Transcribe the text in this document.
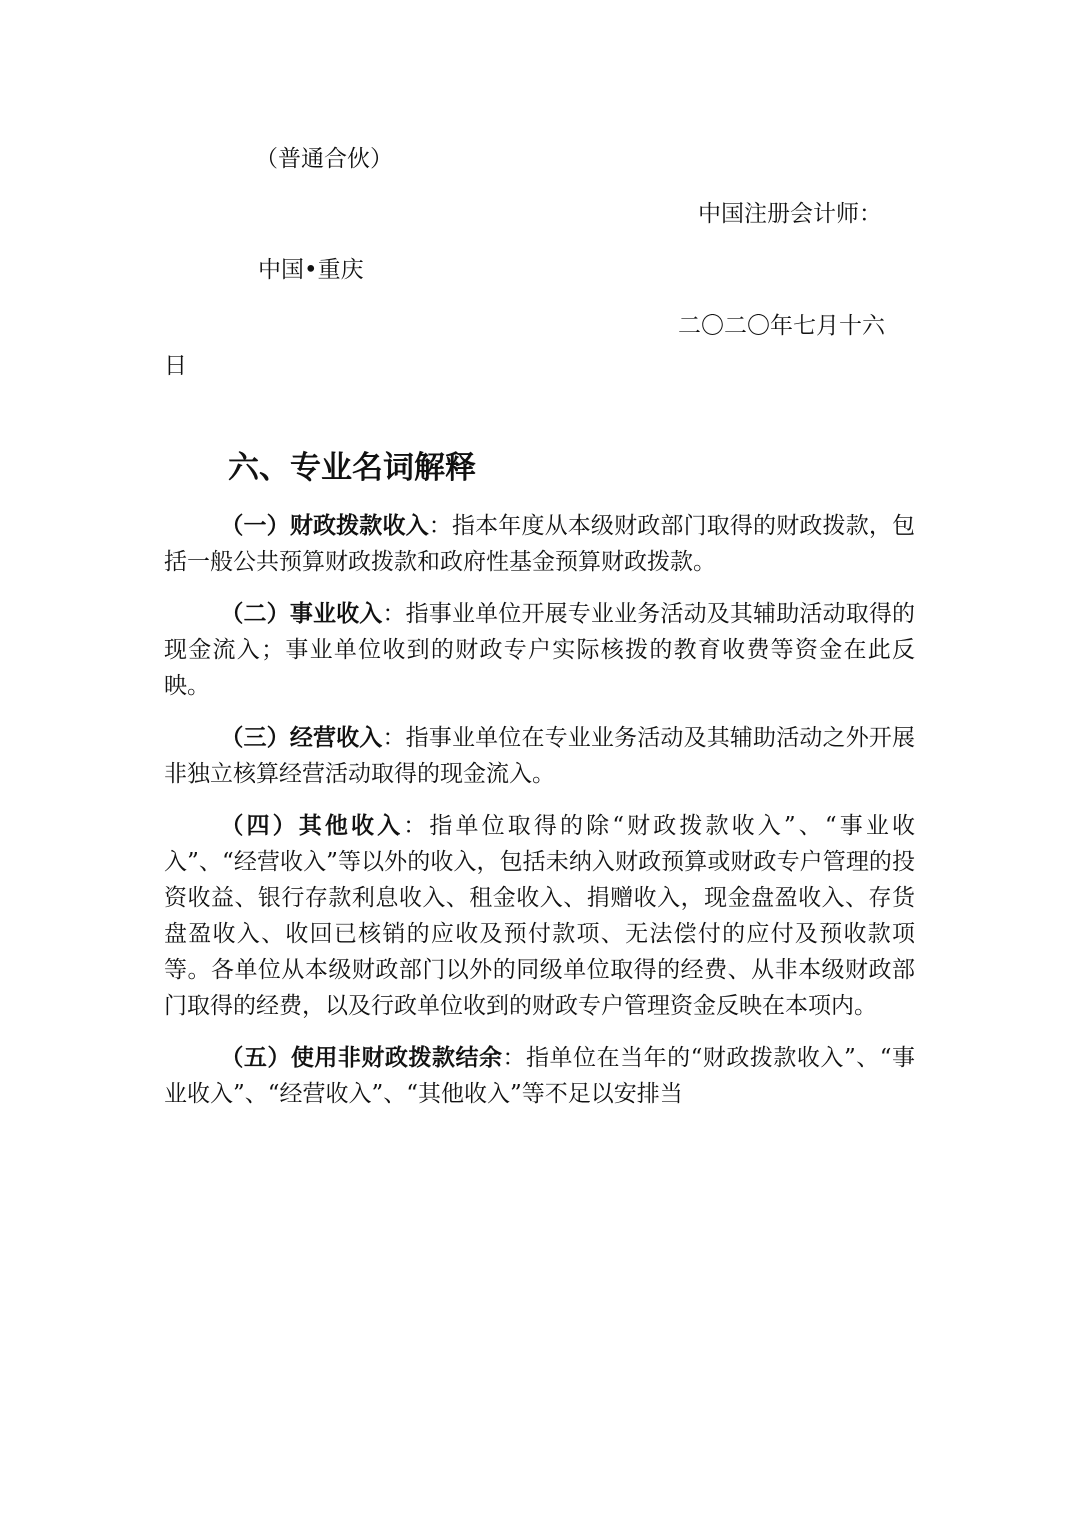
（普通合伙）
中国注册会计师：
中国•重庆
二〇二〇年七月十六
日
六、专业名词解释

（一）财政拨款收入：指本年度从本级财政部门取得的财政拨款，包括一般公共预算财政拨款和政府性基金预算财政拨款。

（二）事业收入：指事业单位开展专业业务活动及其辅助活动取得的现金流入；事业单位收到的财政专户实际核拨的教育收费等资金在此反映。

（三）经营收入：指事业单位在专业业务活动及其辅助活动之外开展非独立核算经营活动取得的现金流入。

（四）其他收入：指单位取得的除“财政拨款收入”、“事业收入”、“经营收入”等以外的收入，包括未纳入财政预算或财政专户管理的投资收益、银行存款利息收入、租金收入、捐赠收入，现金盘盈收入、存货盘盈收入、收回已核销的应收及预付款项、无法偿付的应付及预收款项等。各单位从本级财政部门以外的同级单位取得的经费、从非本级财政部门取得的经费，以及行政单位收到的财政专户管理资金反映在本项内。

（五）使用非财政拨款结余：指单位在当年的“财政拨款收入”、“事业收入”、“经营收入”、“其他收入”等不足以安排当
